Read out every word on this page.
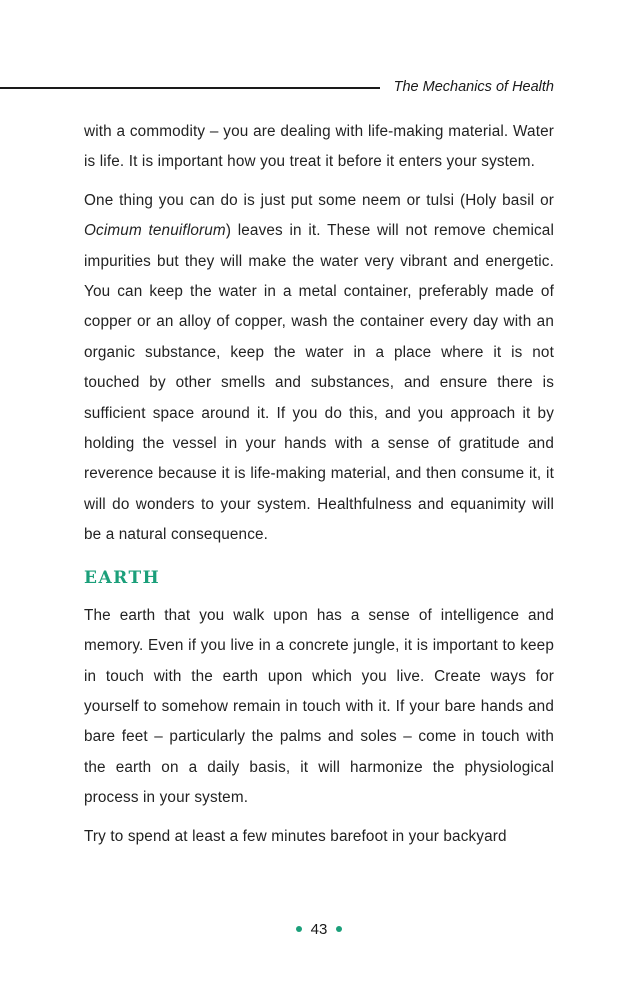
The Mechanics of Health

with a commodity – you are dealing with life-making material. Water is life. It is important how you treat it before it enters your system.

One thing you can do is just put some neem or tulsi (Holy basil or Ocimum tenuiflorum) leaves in it. These will not remove chemical impurities but they will make the water very vibrant and energetic. You can keep the water in a metal container, preferably made of copper or an alloy of copper, wash the container every day with an organic substance, keep the water in a place where it is not touched by other smells and substances, and ensure there is sufficient space around it. If you do this, and you approach it by holding the vessel in your hands with a sense of gratitude and reverence because it is life-making material, and then consume it, it will do wonders to your system. Healthfulness and equanimity will be a natural consequence.

EARTH

The earth that you walk upon has a sense of intelligence and memory. Even if you live in a concrete jungle, it is important to keep in touch with the earth upon which you live. Create ways for yourself to somehow remain in touch with it. If your bare hands and bare feet – particularly the palms and soles – come in touch with the earth on a daily basis, it will harmonize the physiological process in your system.

Try to spend at least a few minutes barefoot in your backyard

43
